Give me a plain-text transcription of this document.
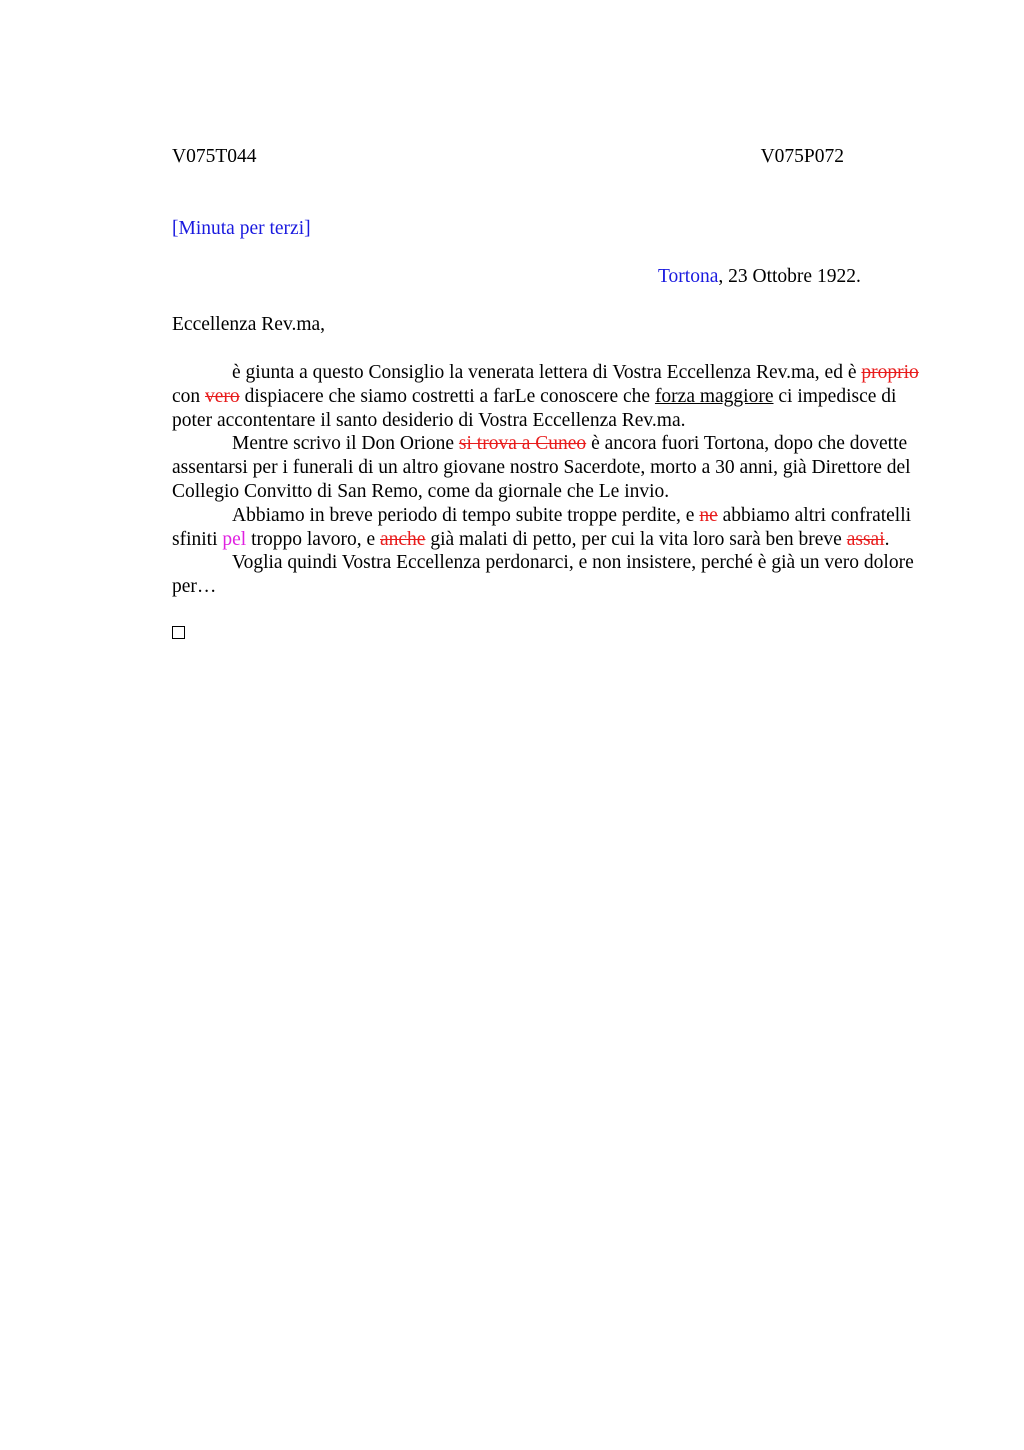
V075T044	V075P072
[Minuta per terzi]
Tortona, 23 Ottobre 1922.
Eccellenza Rev.ma,

è giunta a questo Consiglio la venerata lettera di Vostra Eccellenza Rev.ma, ed è proprio con vero dispiacere che siamo costretti a farLe conoscere che forza maggiore ci impedisce di poter accontentare il santo desiderio di Vostra Eccellenza Rev.ma.

Mentre scrivo il Don Orione si trova a Cuneo è ancora fuori Tortona, dopo che dovette assentarsi per i funerali di un altro giovane nostro Sacerdote, morto a 30 anni, già Direttore del Collegio Convitto di San Remo, come da giornale che Le invio.

Abbiamo in breve periodo di tempo subite troppe perdite, e ne abbiamo altri confratelli sfiniti pel troppo lavoro, e anche già malati di petto, per cui la vita loro sarà ben breve assai.

Voglia quindi Vostra Eccellenza perdonarci, e non insistere, perché è già un vero dolore per…
